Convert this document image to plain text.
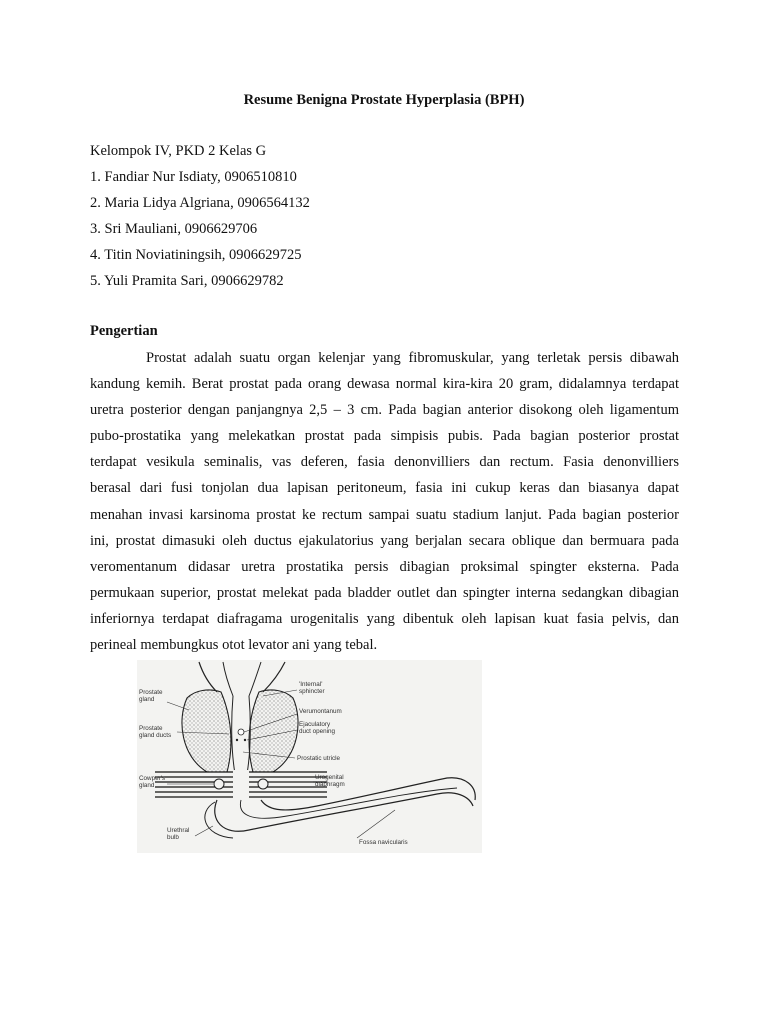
Resume Benigna Prostate Hyperplasia (BPH)
Kelompok IV, PKD 2 Kelas G
1. Fandiar Nur Isdiaty, 0906510810
2. Maria Lidya Algriana, 0906564132
3. Sri Mauliani, 0906629706
4. Titin Noviatiningsih, 0906629725
5. Yuli Pramita Sari, 0906629782
Pengertian
Prostat adalah suatu organ kelenjar yang fibromuskular, yang terletak persis dibawah
kandung kemih. Berat prostat pada orang dewasa normal kira-kira 20 gram, didalamnya terdapat
uretra posterior dengan panjangnya 2,5 – 3 cm. Pada bagian anterior disokong oleh ligamentum
pubo-prostatika yang melekatkan prostat pada simpisis pubis. Pada bagian posterior prostat
terdapat vesikula seminalis, vas deferen, fasia denonvilliers dan rectum. Fasia denonvilliers
berasal dari fusi tonjolan dua lapisan peritoneum, fasia ini cukup keras dan biasanya dapat
menahan invasi karsinoma prostat ke rectum sampai suatu stadium lanjut. Pada bagian posterior
ini, prostat dimasuki oleh ductus ejakulatorius yang berjalan secara oblique dan bermuara pada
veromentanum didasar uretra prostatika persis dibagian proksimal spingter eksterna. Pada
permukaan superior, prostat melekat pada bladder outlet dan spingter interna sedangkan dibagian
inferiornya terdapat diafragama urogenitalis yang dibentuk oleh lapisan kuat fasia pelvis, dan
perineal membungkus otot levator ani yang tebal.
Prostate
gland
Prostate
gland ducts
Cowper's
gland
Urethral
bulb
'Internal'
sphincter
Verumontanum
Ejaculatory
duct opening
Prostatic utricle
Urogenital
diaphragm
Fossa navicularis
